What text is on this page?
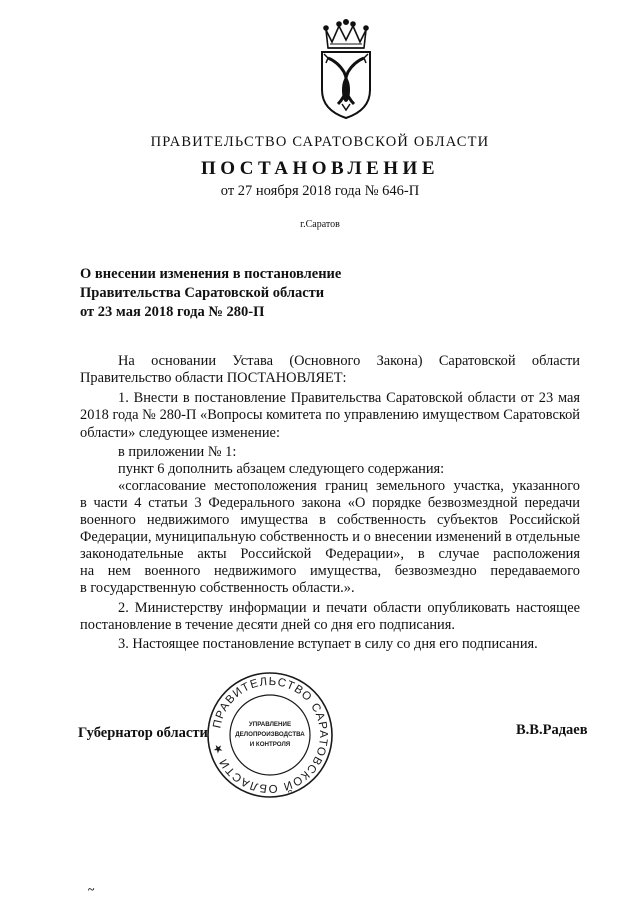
ПРАВИТЕЛЬСТВО САРАТОВСКОЙ ОБЛАСТИ
ПОСТАНОВЛЕНИЕ
от 27 ноября 2018 года № 646-П
г.Саратов
О внесении изменения в постановление
Правительства Саратовской области
от 23 мая 2018 года № 280-П
На основании Устава (Основного Закона) Саратовской области
Правительство области ПОСТАНОВЛЯЕТ:
1. Внести в постановление Правительства Саратовской области от 23 мая
2018 года № 280-П «Вопросы комитета по управлению имуществом Саратовской
области» следующее изменение:
в приложении № 1:
пункт 6 дополнить абзацем следующего содержания:
«согласование местоположения границ земельного участка, указанного
в части 4 статьи 3 Федерального закона «О порядке безвозмездной передачи
военного недвижимого имущества в собственность субъектов Российской
Федерации, муниципальную собственность и о внесении изменений в отдельные
законодательные акты Российской Федерации», в случае расположения
на нем военного недвижимого имущества, безвозмездно передаваемого
в государственную собственность области.».
2. Министерству информации и печати области опубликовать настоящее
постановление в течение десяти дней со дня его подписания.
3. Настоящее постановление вступает в силу со дня его подписания.
Губернатор области	В.В.Радаев
ПРАВИТЕЛЬСТВО САРАТОВСКОЙ ОБЛАСТИ ★
УПРАВЛЕНИЕ
ДЕЛОПРОИЗВОДСТВА
И КОНТРОЛЯ
~
